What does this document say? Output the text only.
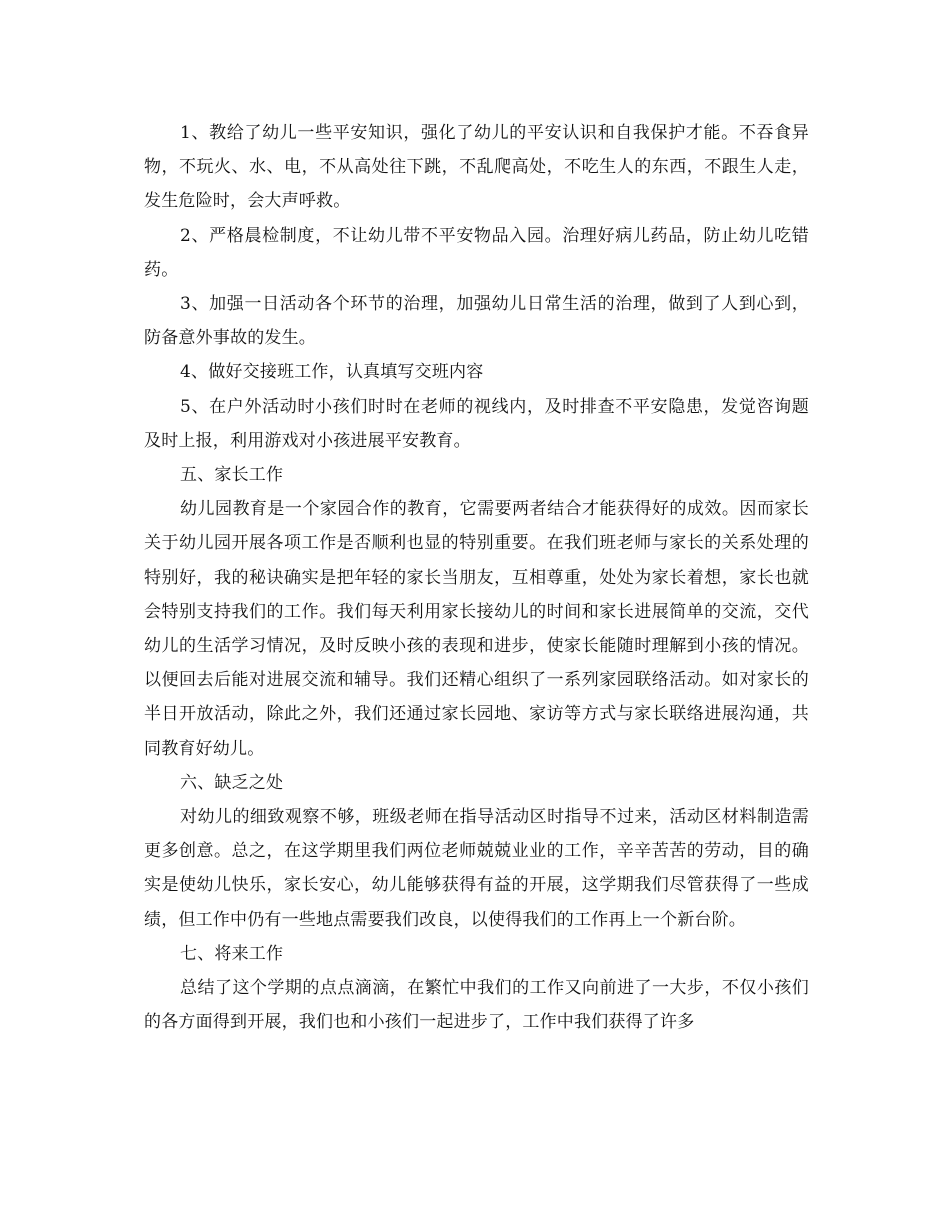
1、教给了幼儿一些平安知识，强化了幼儿的平安认识和自我保护才能。不吞食异物，不玩火、水、电，不从高处往下跳，不乱爬高处，不吃生人的东西，不跟生人走，发生危险时，会大声呼救。

2、严格晨检制度，不让幼儿带不平安物品入园。治理好病儿药品，防止幼儿吃错药。

3、加强一日活动各个环节的治理，加强幼儿日常生活的治理，做到了人到心到，防备意外事故的发生。

4、做好交接班工作，认真填写交班内容

5、在户外活动时小孩们时时在老师的视线内，及时排查不平安隐患，发觉咨询题及时上报，利用游戏对小孩进展平安教育。

五、家长工作

幼儿园教育是一个家园合作的教育，它需要两者结合才能获得好的成效。因而家长关于幼儿园开展各项工作是否顺利也显的特别重要。在我们班老师与家长的关系处理的特别好，我的秘诀确实是把年轻的家长当朋友，互相尊重，处处为家长着想，家长也就会特别支持我们的工作。我们每天利用家长接幼儿的时间和家长进展简单的交流，交代幼儿的生活学习情况，及时反映小孩的表现和进步，使家长能随时理解到小孩的情况。以便回去后能对进展交流和辅导。我们还精心组织了一系列家园联络活动。如对家长的半日开放活动，除此之外，我们还通过家长园地、家访等方式与家长联络进展沟通，共同教育好幼儿。

六、缺乏之处

对幼儿的细致观察不够，班级老师在指导活动区时指导不过来，活动区材料制造需更多创意。总之，在这学期里我们两位老师兢兢业业的工作，辛辛苦苦的劳动，目的确实是使幼儿快乐，家长安心，幼儿能够获得有益的开展，这学期我们尽管获得了一些成绩，但工作中仍有一些地点需要我们改良，以使得我们的工作再上一个新台阶。

七、将来工作

总结了这个学期的点点滴滴，在繁忙中我们的工作又向前进了一大步，不仅小孩们的各方面得到开展，我们也和小孩们一起进步了，工作中我们获得了许多
